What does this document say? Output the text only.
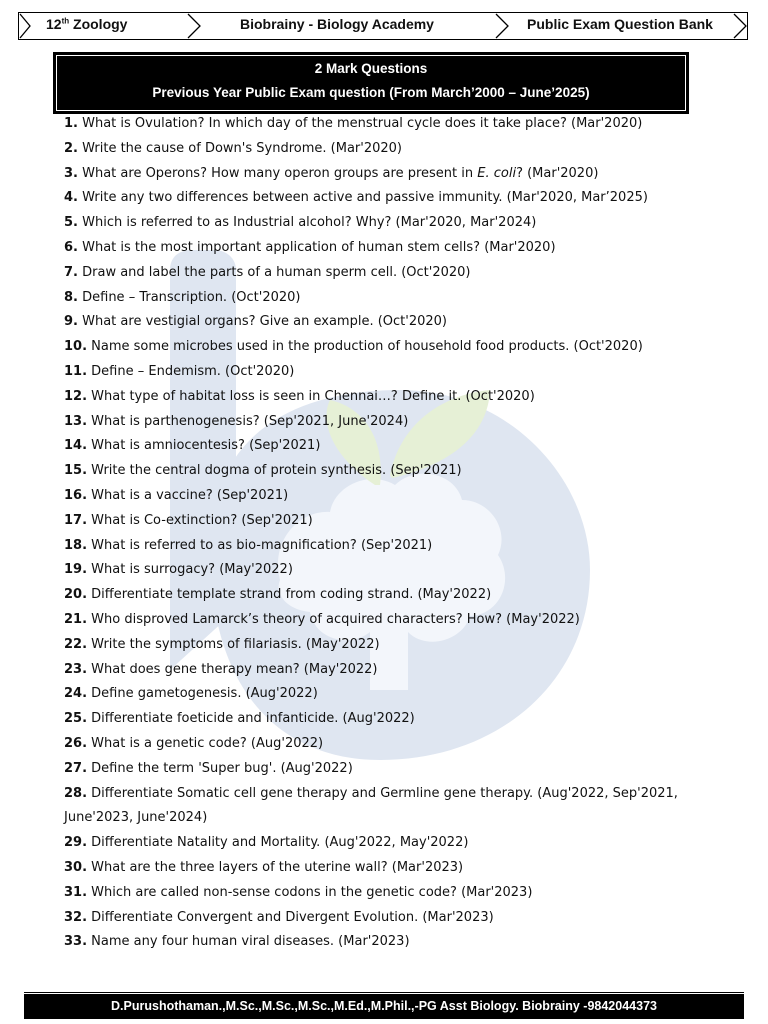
12th Zoology	Biobrainy - Biology Academy	Public Exam Question Bank
2 Mark Questions
Previous Year Public Exam question (From March’2000 – June’2025)
1. What is Ovulation? In which day of the menstrual cycle does it take place? (Mar'2020)
2. Write the cause of Down's Syndrome. (Mar'2020)
3. What are Operons? How many operon groups are present in E. coli? (Mar'2020)
4. Write any two differences between active and passive immunity. (Mar'2020, Mar’2025)
5. Which is referred to as Industrial alcohol? Why? (Mar'2020, Mar'2024)
6. What is the most important application of human stem cells? (Mar'2020)
7. Draw and label the parts of a human sperm cell. (Oct'2020)
8. Define – Transcription. (Oct'2020)
9. What are vestigial organs? Give an example. (Oct'2020)
10. Name some microbes used in the production of household food products. (Oct'2020)
11. Define – Endemism. (Oct'2020)
12. What type of habitat loss is seen in Chennai…? Define it. (Oct'2020)
13. What is parthenogenesis? (Sep'2021, June'2024)
14. What is amniocentesis? (Sep'2021)
15. Write the central dogma of protein synthesis. (Sep'2021)
16. What is a vaccine? (Sep'2021)
17. What is Co-extinction? (Sep'2021)
18. What is referred to as bio-magnification? (Sep'2021)
19. What is surrogacy? (May'2022)
20. Differentiate template strand from coding strand. (May'2022)
21. Who disproved Lamarck’s theory of acquired characters? How? (May'2022)
22. Write the symptoms of filariasis. (May'2022)
23. What does gene therapy mean? (May'2022)
24. Define gametogenesis. (Aug'2022)
25. Differentiate foeticide and infanticide. (Aug'2022)
26. What is a genetic code? (Aug'2022)
27. Define the term 'Super bug'. (Aug'2022)
28. Differentiate Somatic cell gene therapy and Germline gene therapy. (Aug'2022, Sep'2021, June'2023, June'2024)
29. Differentiate Natality and Mortality. (Aug'2022, May'2022)
30. What are the three layers of the uterine wall? (Mar'2023)
31. Which are called non-sense codons in the genetic code? (Mar'2023)
32. Differentiate Convergent and Divergent Evolution. (Mar'2023)
33. Name any four human viral diseases. (Mar'2023)
D.Purushothaman.,M.Sc.,M.Sc.,M.Sc.,M.Ed.,M.Phil.,-PG Asst Biology. Biobrainy -9842044373
